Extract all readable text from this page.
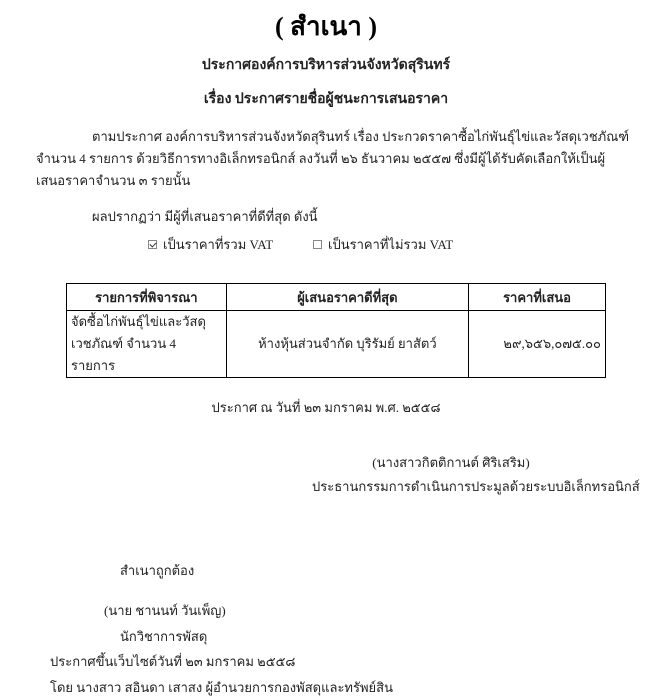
( สำเนา )
ประกาศองค์การบริหารส่วนจังหวัดสุรินทร์
เรื่อง ประกาศรายชื่อผู้ชนะการเสนอราคา
ตามประกาศ องค์การบริหารส่วนจังหวัดสุรินทร์ เรื่อง ประกวดราคาซื้อไก่พันธุ์ไข่และวัสดุเวชภัณฑ์ จำนวน 4 รายการ ด้วยวิธีการทางอิเล็กทรอนิกส์ ลงวันที่ ๒๖ ธันวาคม ๒๕๕๗ ซึ่งมีผู้ได้รับคัดเลือกให้เป็นผู้เสนอราคาจำนวน ๓ รายนั้น
ผลปรากฏว่า มีผู้ที่เสนอราคาที่ดีที่สุด ดังนี้
เป็นราคาที่รวม VAT	เป็นราคาที่ไม่รวม VAT
รายการที่พิจารณา	ผู้เสนอราคาดีที่สุด	ราคาที่เสนอ

จัดซื้อไก่พันธุ์ไข่และวัสดุ
เวชภัณฑ์ จำนวน 4 รายการ	ห้างหุ้นส่วนจำกัด บุริรัมย์ ยาสัตว์	๒๙,๖๕๖,๐๗๕.๐๐
ประกาศ ณ วันที่ ๒๓ มกราคม พ.ศ. ๒๕๕๘
(นางสาวกิตติกานต์ ศิริเสริม)
ประธานกรรมการดำเนินการประมูลด้วยระบบอิเล็กทรอนิกส์
สำเนาถูกต้อง
(นาย ชานนท์ วันเพ็ญ)
นักวิชาการพัสดุ
ประกาศขึ้นเว็บไซต์วันที่ ๒๓ มกราคม ๒๕๕๘
โดย นางสาว สอินดา เสาสง ผู้อำนวยการกองพัสดุและทรัพย์สิน
